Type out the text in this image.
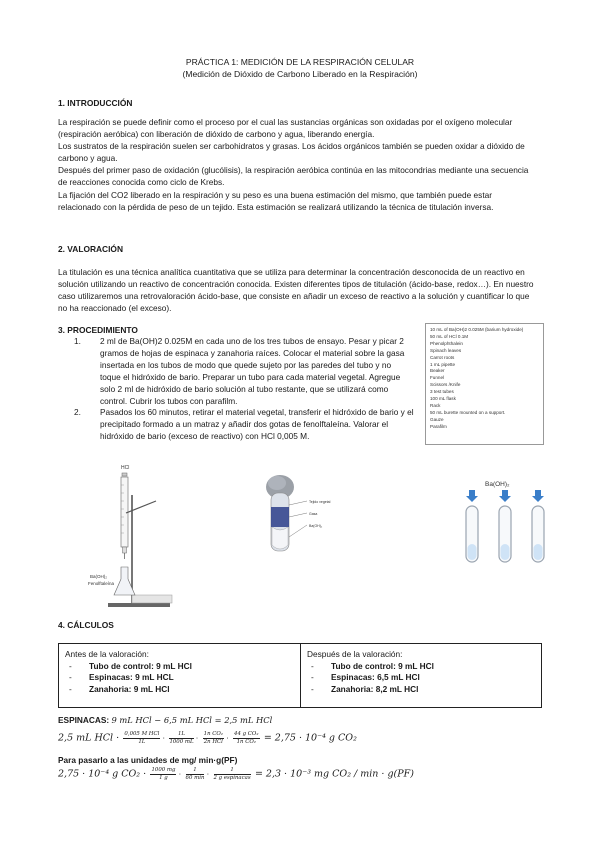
PRÁCTICA 1: MEDICIÓN DE LA RESPIRACIÓN CELULAR
(Medición de Dióxido de Carbono Liberado en la Respiración)
1. INTRODUCCIÓN

La respiración se puede definir como el proceso por el cual las sustancias orgánicas son oxidadas por el oxígeno molecular (respiración aeróbica) con liberación de dióxido de carbono y agua, liberando energía.

Los sustratos de la respiración suelen ser carbohidratos y grasas. Los ácidos orgánicos también se pueden oxidar a dióxido de carbono y agua.

Después del primer paso de oxidación (glucólisis), la respiración aeróbica continúa en las mitocondrias mediante una secuencia de reacciones conocida como ciclo de Krebs.

La fijación del CO2 liberado en la respiración y su peso es una buena estimación del mismo, que también puede estar relacionado con la pérdida de peso de un tejido. Esta estimación se realizará utilizando la técnica de titulación inversa.

2. VALORACIÓN

La titulación es una técnica analítica cuantitativa que se utiliza para determinar la concentración desconocida de un reactivo en solución utilizando un reactivo de concentración conocida. Existen diferentes tipos de titulación (ácido-base, redox…). En nuestro caso utilizaremos una retrovaloración ácido-base, que consiste en añadir un exceso de reactivo a la solución y cuantificar lo que no ha reaccionado (el exceso).

3. PROCEDIMIENTO
1. 2 ml de Ba(OH)2 0.025M en cada uno de los tres tubos de ensayo. Pesar y picar 2 gramos de hojas de espinaca y zanahoria raíces. Colocar el material sobre la gasa insertada en los tubos de modo que quede sujeto por las paredes del tubo y no toque el hidróxido de bario. Preparar un tubo para cada material vegetal. Agregue solo 2 ml de hidróxido de bario solución al tubo restante, que se utilizará como control. Cubrir los tubos con parafilm.
2. Pasados los 60 minutos, retirar el material vegetal, transferir el hidróxido de bario y el precipitado formado a un matraz y añadir dos gotas de fenolftaleína. Valorar el hidróxido de bario (exceso de reactivo) con HCl 0,005 M.
10 mL of Ba(OH)2 0.025M (barium hydroxide)
50 mL of HCl 0.1M
Phenolphthalein
Spinach leaves
Carrot roots
1 mL pipette
Beaker
Funnel
Scissors /Knife
3 test tubes
100 mL flask
Rack
50 mL burette mounted on a support.
Gauze
Parafilm
HCl
Ba(OH)₂
Fenolftaleína
Tejido vegetal
Gasa
Ba(OH)₂
Ba(OH)₂
4. CÁLCULOS
Antes de la valoración:
- Tubo de control: 9 mL HCl
- Espinacas: 9 mL HCL
- Zanahoria: 9 mL HCl
Después de la valoración:
- Tubo de control: 9 mL HCl
- Espinacas: 6,5 mL HCl
- Zanahoria: 8,2 mL HCl
ESPINACAS: 9 mL HCl − 6,5 mL HCl = 2,5 mL HCl
2,5 mL HCl · $\frac{\text{0,005 M HCl}}{1L} \cdot \frac{1L}{1000 mL} \cdot \frac{\text{1n CO₂}}{\text{2n HCl}} \cdot \frac{\text{44 g CO₂}}{\text{1n CO₂}} = 2,75 \cdot 10^{-4}$ g CO₂
Para pasarlo a las unidades de mg/ min·g(PF)
2,75 · 10⁻⁴ g $CO_2 \cdot \frac{1000 mg}{1 g} \cdot \frac{1}{60 \min} \cdot \frac{1}{\text{2 g espinacas}} = 2,3 \cdot 10^{-3}$ mg CO₂ / min · g(PF)
